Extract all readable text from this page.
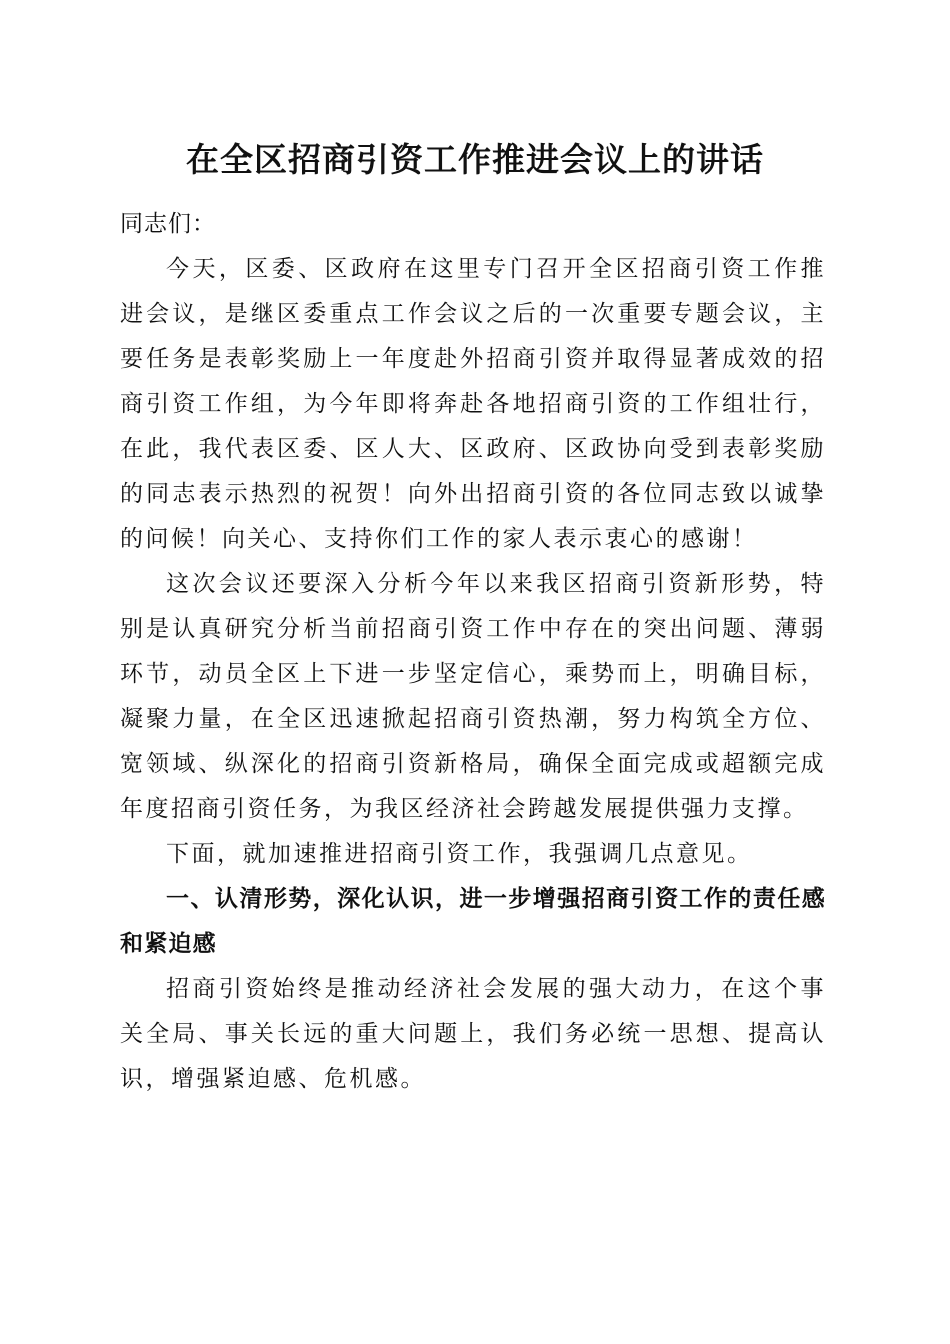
在全区招商引资工作推进会议上的讲话

同志们：

今天，区委、区政府在这里专门召开全区招商引资工作推进会议，是继区委重点工作会议之后的一次重要专题会议，主要任务是表彰奖励上一年度赴外招商引资并取得显著成效的招商引资工作组，为今年即将奔赴各地招商引资的工作组壮行，在此，我代表区委、区人大、区政府、区政协向受到表彰奖励的同志表示热烈的祝贺！向外出招商引资的各位同志致以诚挚的问候！向关心、支持你们工作的家人表示衷心的感谢！

这次会议还要深入分析今年以来我区招商引资新形势，特别是认真研究分析当前招商引资工作中存在的突出问题、薄弱环节，动员全区上下进一步坚定信心，乘势而上，明确目标，凝聚力量，在全区迅速掀起招商引资热潮，努力构筑全方位、宽领域、纵深化的招商引资新格局，确保全面完成或超额完成年度招商引资任务，为我区经济社会跨越发展提供强力支撑。

下面，就加速推进招商引资工作，我强调几点意见。

一、认清形势，深化认识，进一步增强招商引资工作的责任感和紧迫感

招商引资始终是推动经济社会发展的强大动力，在这个事关全局、事关长远的重大问题上，我们务必统一思想、提高认识，增强紧迫感、危机感。
